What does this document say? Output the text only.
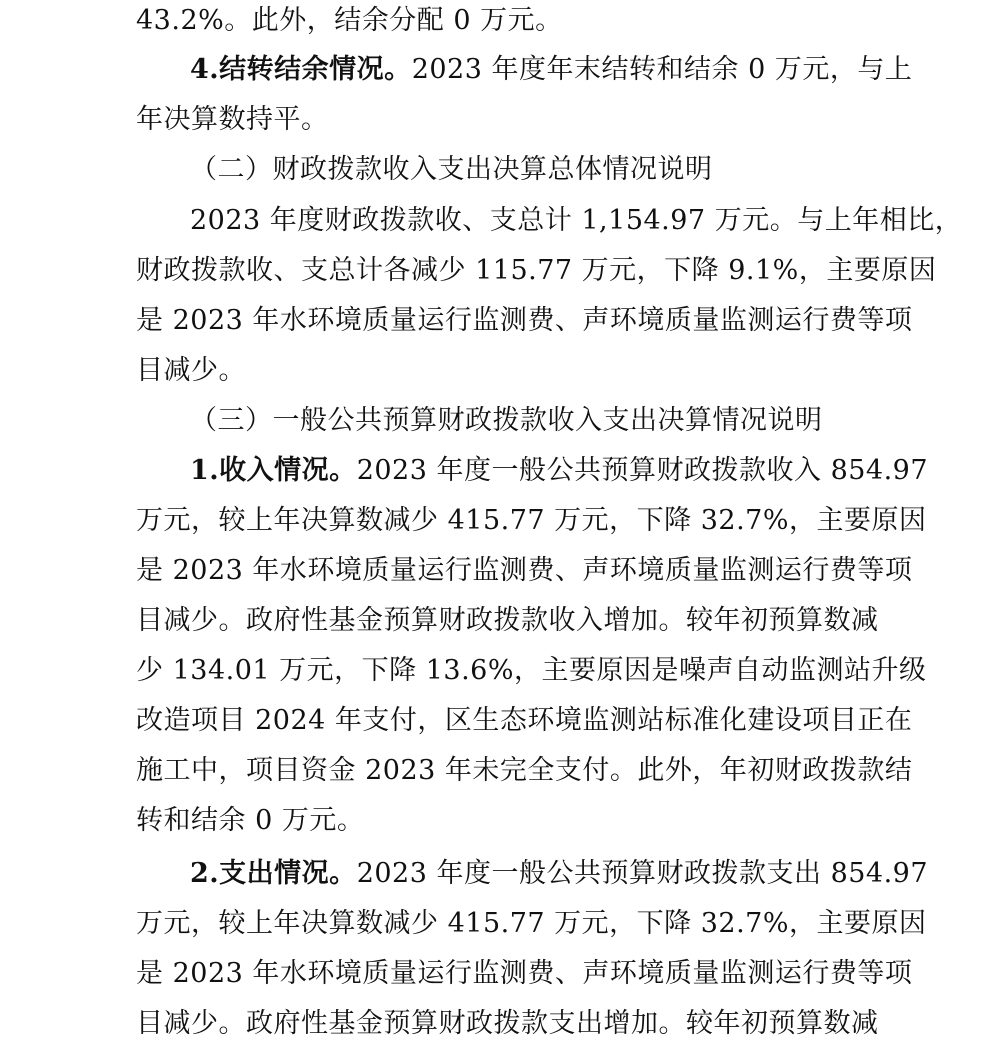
43.2%。此外，结余分配 0 万元。
4.结转结余情况。2023 年度年末结转和结余 0 万元，与上
年决算数持平。
（二）财政拨款收入支出决算总体情况说明
2023 年度财政拨款收、支总计 1,154.97 万元。与上年相比，
财政拨款收、支总计各减少 115.77 万元，下降 9.1%，主要原因
是 2023 年水环境质量运行监测费、声环境质量监测运行费等项
目减少。
（三）一般公共预算财政拨款收入支出决算情况说明
1.收入情况。2023 年度一般公共预算财政拨款收入 854.97
万元，较上年决算数减少 415.77 万元，下降 32.7%，主要原因
是 2023 年水环境质量运行监测费、声环境质量监测运行费等项
目减少。政府性基金预算财政拨款收入增加。较年初预算数减
少 134.01 万元，下降 13.6%，主要原因是噪声自动监测站升级
改造项目 2024 年支付，区生态环境监测站标准化建设项目正在
施工中，项目资金 2023 年未完全支付。此外，年初财政拨款结
转和结余 0 万元。
2.支出情况。2023 年度一般公共预算财政拨款支出 854.97
万元，较上年决算数减少 415.77 万元，下降 32.7%，主要原因
是 2023 年水环境质量运行监测费、声环境质量监测运行费等项
目减少。政府性基金预算财政拨款支出增加。较年初预算数减
